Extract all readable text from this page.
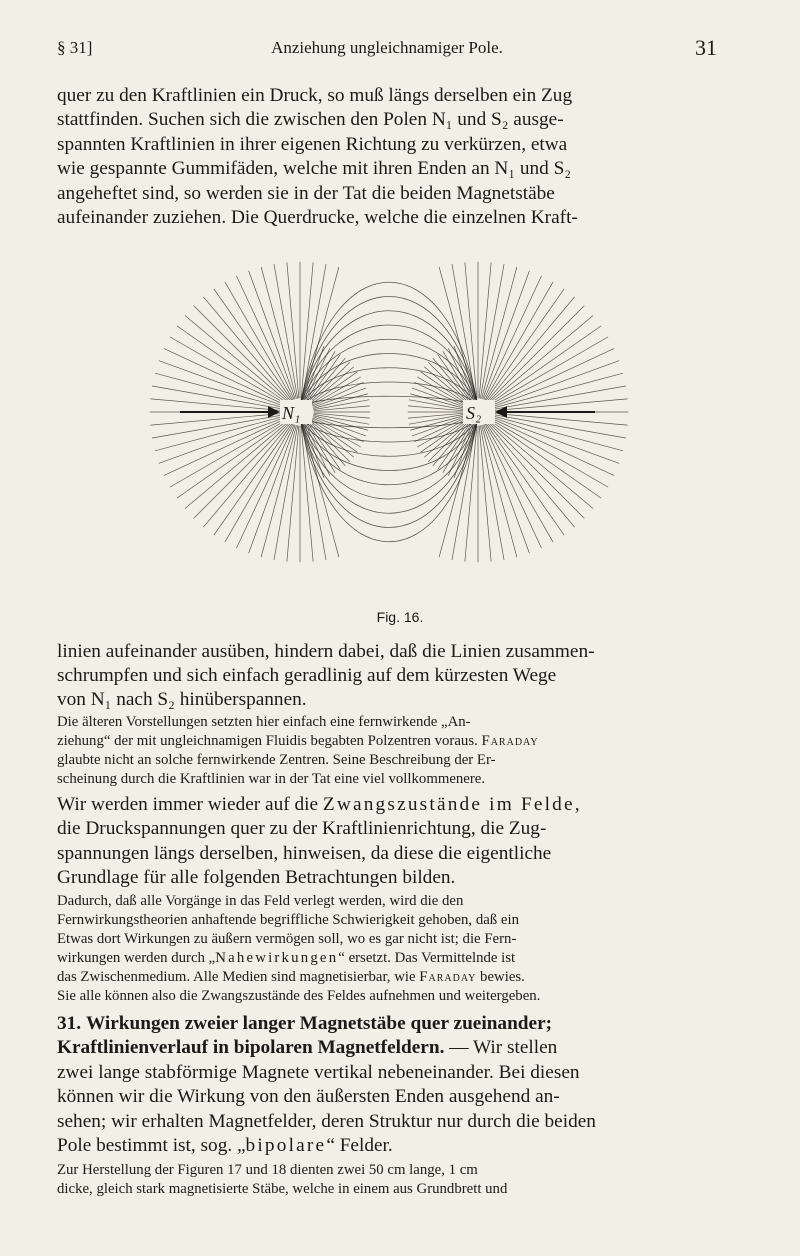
§ 31]	Anziehung ungleichnamiger Pole.	31
quer zu den Kraftlinien ein Druck, so muß längs derselben ein Zug
stattfinden. Suchen sich die zwischen den Polen N₁ und S₂ ausge-
spannten Kraftlinien in ihrer eigenen Richtung zu verkürzen, etwa
wie gespannte Gummifäden, welche mit ihren Enden an N₁ und S₂
angeheftet sind, so werden sie in der Tat die beiden Magnetstäbe
aufeinander zuziehen. Die Querdrucke, welche die einzelnen Kraft-
N₁	S₂
Fig. 16.
linien aufeinander ausüben, hindern dabei, daß die Linien zusammen-
schrumpfen und sich einfach geradlinig auf dem kürzesten Wege
von N₁ nach S₂ hinüberspannen.
Die älteren Vorstellungen setzten hier einfach eine fernwirkende „An-
ziehung“ der mit ungleichnamigen Fluidis begabten Polzentren voraus. Faraday
glaubte nicht an solche fernwirkende Zentren. Seine Beschreibung der Er-
scheinung durch die Kraftlinien war in der Tat eine viel vollkommenere.
Wir werden immer wieder auf die Zwangszustände im Felde,
die Druckspannungen quer zu der Kraftlinienrichtung, die Zug-
spannungen längs derselben, hinweisen, da diese die eigentliche
Grundlage für alle folgenden Betrachtungen bilden.
Dadurch, daß alle Vorgänge in das Feld verlegt werden, wird die den
Fernwirkungstheorien anhaftende begriffliche Schwierigkeit gehoben, daß ein
Etwas dort Wirkungen zu äußern vermögen soll, wo es gar nicht ist; die Fern-
wirkungen werden durch „Nahewirkungen“ ersetzt. Das Vermittelnde ist
das Zwischenmedium. Alle Medien sind magnetisierbar, wie Faraday bewies.
Sie alle können also die Zwangszustände des Feldes aufnehmen und weitergeben.
31. Wirkungen zweier langer Magnetstäbe quer zueinander;
Kraftlinienverlauf in bipolaren Magnetfeldern. — Wir stellen
zwei lange stabförmige Magnete vertikal nebeneinander. Bei diesen
können wir die Wirkung von den äußersten Enden ausgehend an-
sehen; wir erhalten Magnetfelder, deren Struktur nur durch die beiden
Pole bestimmt ist, sog. „bipolare“ Felder.
Zur Herstellung der Figuren 17 und 18 dienten zwei 50 cm lange, 1 cm
dicke, gleich stark magnetisierte Stäbe, welche in einem aus Grundbrett und
